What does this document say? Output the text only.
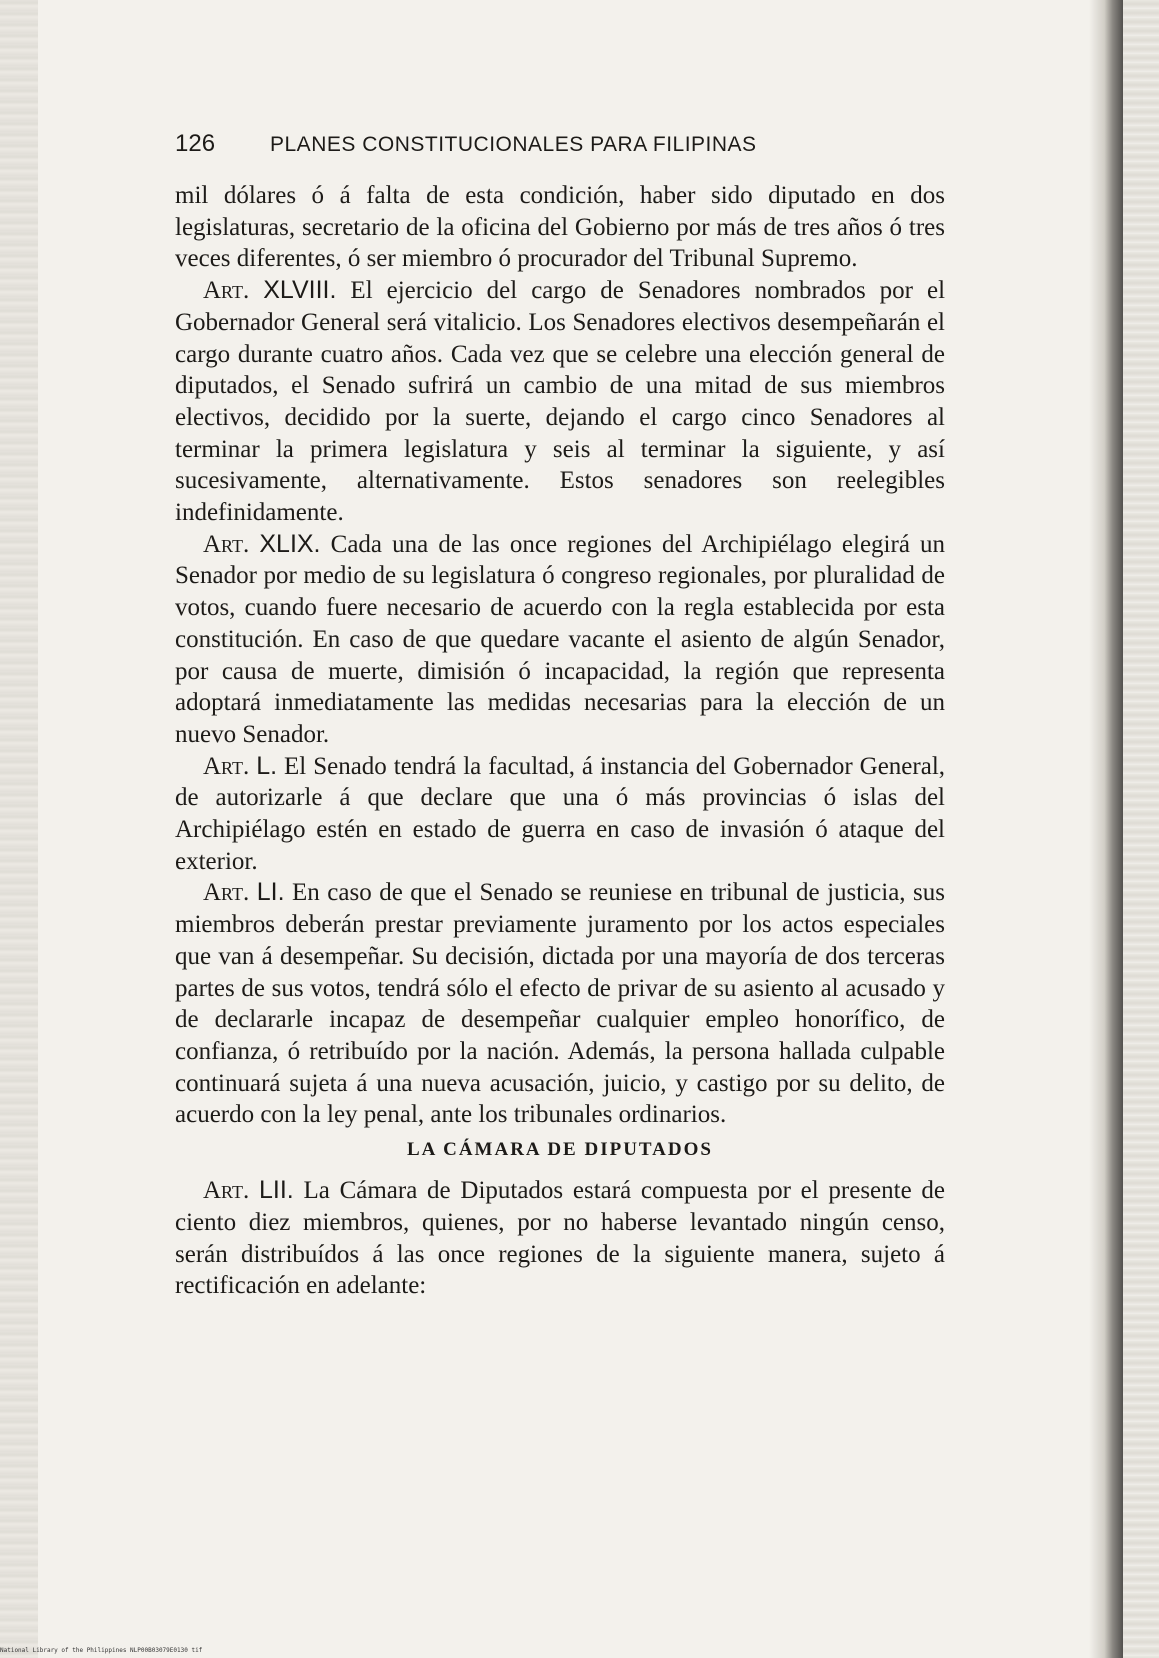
126	PLANES CONSTITUCIONALES PARA FILIPINAS

mil dólares ó á falta de esta condición, haber sido diputado en dos legislaturas, secretario de la oficina del Gobierno por más de tres años ó tres veces diferentes, ó ser miembro ó procurador del Tribunal Supremo.

Art. XLVIII. El ejercicio del cargo de Senadores nombrados por el Gobernador General será vitalicio. Los Senadores electivos desempeñarán el cargo durante cuatro años. Cada vez que se celebre una elección general de diputados, el Senado sufrirá un cambio de una mitad de sus miembros electivos, decidido por la suerte, dejando el cargo cinco Senadores al terminar la primera legislatura y seis al terminar la siguiente, y así sucesivamente, alternativamente. Estos senadores son reelegibles indefinidamente.

Art. XLIX. Cada una de las once regiones del Archipiélago elegirá un Senador por medio de su legislatura ó congreso regionales, por pluralidad de votos, cuando fuere necesario de acuerdo con la regla establecida por esta constitución. En caso de que quedare vacante el asiento de algún Senador, por causa de muerte, dimisión ó incapacidad, la región que representa adoptará inmediatamente las medidas necesarias para la elección de un nuevo Senador.

Art. L. El Senado tendrá la facultad, á instancia del Gobernador General, de autorizarle á que declare que una ó más provincias ó islas del Archipiélago estén en estado de guerra en caso de invasión ó ataque del exterior.

Art. LI. En caso de que el Senado se reuniese en tribunal de justicia, sus miembros deberán prestar previamente juramento por los actos especiales que van á desempeñar. Su decisión, dictada por una mayoría de dos terceras partes de sus votos, tendrá sólo el efecto de privar de su asiento al acusado y de declararle incapaz de desempeñar cualquier empleo honorífico, de confianza, ó retribuído por la nación. Además, la persona hallada culpable continuará sujeta á una nueva acusación, juicio, y castigo por su delito, de acuerdo con la ley penal, ante los tribunales ordinarios.

LA CÁMARA DE DIPUTADOS

Art. LII. La Cámara de Diputados estará compuesta por el presente de ciento diez miembros, quienes, por no haberse levantado ningún censo, serán distribuídos á las once regiones de la siguiente manera, sujeto á rectificación en adelante:

National Library of the Philippines NLP00B03079E0130 tif
